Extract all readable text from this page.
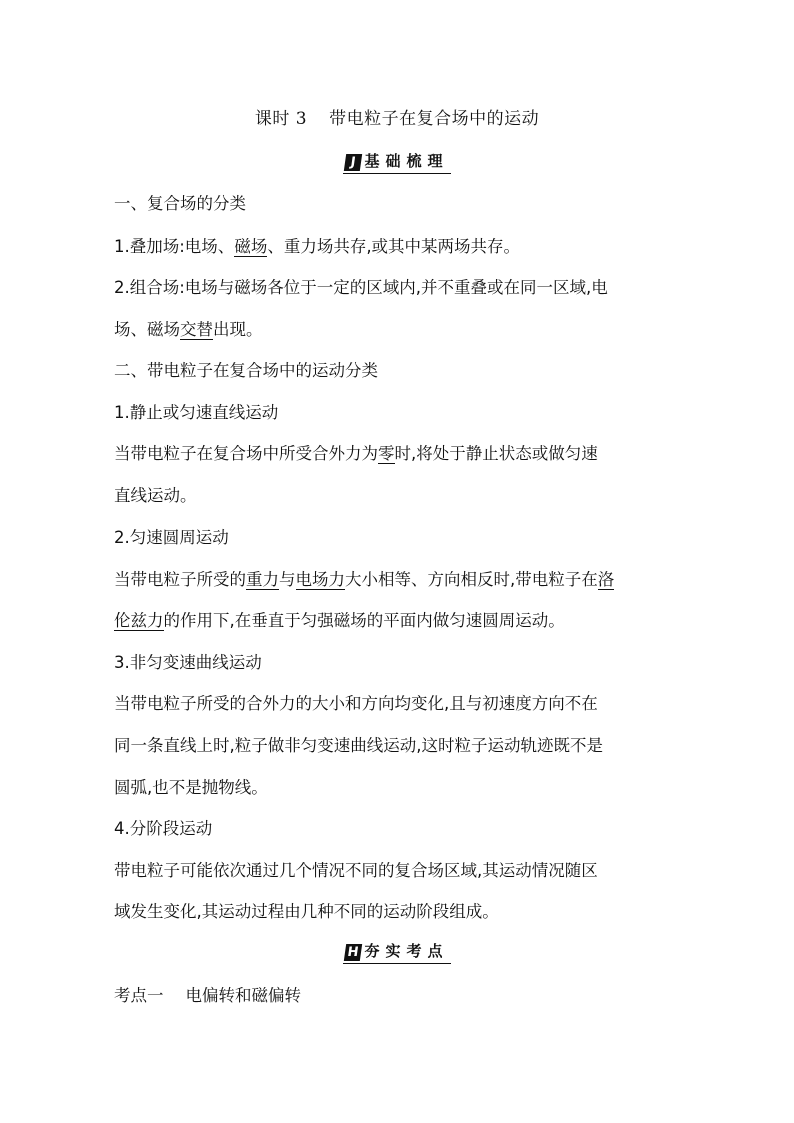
课时 3 带电粒子在复合场中的运动
J 基础梳理
一、复合场的分类
1.叠加场:电场、磁场、重力场共存,或其中某两场共存。
2.组合场:电场与磁场各位于一定的区域内,并不重叠或在同一区域,电
场、磁场交替出现。
二、带电粒子在复合场中的运动分类
1.静止或匀速直线运动
当带电粒子在复合场中所受合外力为零时,将处于静止状态或做匀速
直线运动。
2.匀速圆周运动
当带电粒子所受的重力与电场力大小相等、方向相反时,带电粒子在洛
伦兹力的作用下,在垂直于匀强磁场的平面内做匀速圆周运动。
3.非匀变速曲线运动
当带电粒子所受的合外力的大小和方向均变化,且与初速度方向不在
同一条直线上时,粒子做非匀变速曲线运动,这时粒子运动轨迹既不是
圆弧,也不是抛物线。
4.分阶段运动
带电粒子可能依次通过几个情况不同的复合场区域,其运动情况随区
域发生变化,其运动过程由几种不同的运动阶段组成。
H 夯实考点
考点一 电偏转和磁偏转
